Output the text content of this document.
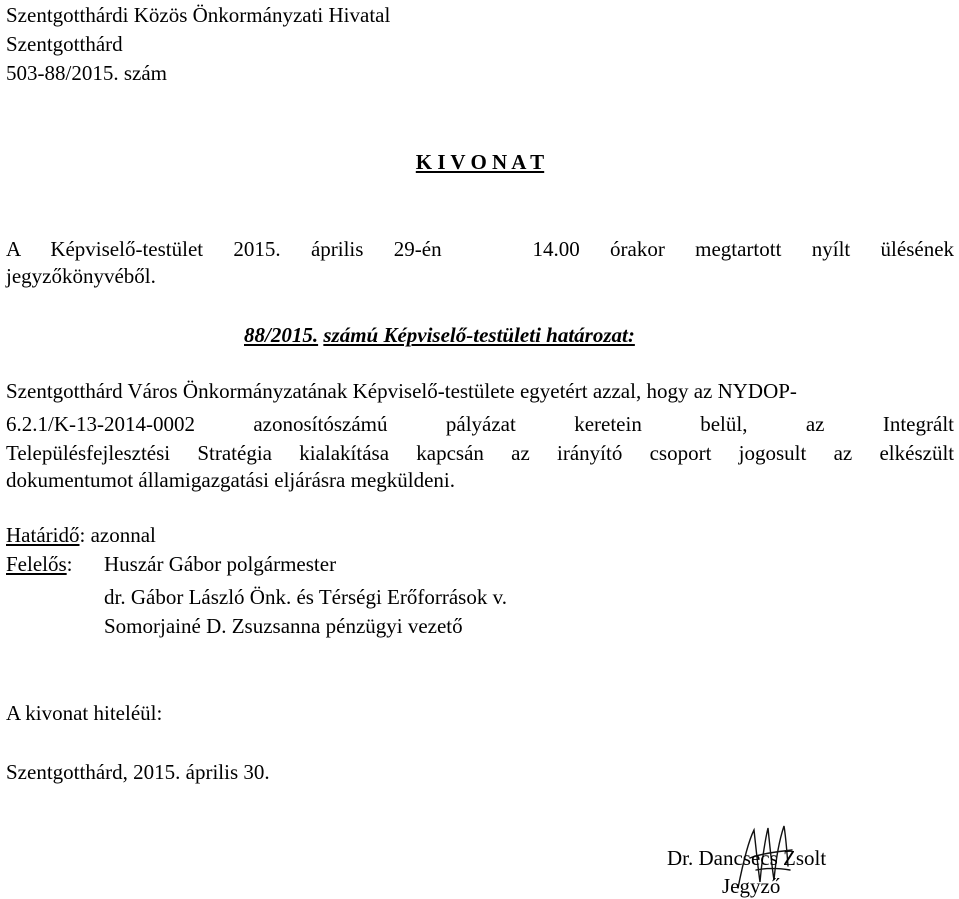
Szentgotthárdi Közös Önkormányzati Hivatal
Szentgotthárd
503-88/2015. szám
K I V O N A T
A Képviselő-testület 2015. április 29-én	14.00 órakor megtartott nyílt ülésének
jegyzőkönyvéből.
88/2015. számú Képviselő-testületi határozat:
Szentgotthárd Város Önkormányzatának Képviselő-testülete egyetért azzal, hogy az NYDOP-
6.2.1/K-13-2014-0002	azonosítószámú	pályázat	keretein	belül,	az	Integrált
Településfejlesztési Stratégia kialakítása kapcsán az irányító csoport jogosult az elkészült
dokumentumot államigazgatási eljárásra megküldeni.
Határidő: azonnal
Felelős: Huszár Gábor polgármester
dr. Gábor László Önk. és Térségi Erőforrások v.
Somorjainé D. Zsuzsanna pénzügyi vezető
A kivonat hiteléül:
Szentgotthárd, 2015. április 30.
Dr. Dancsecs Zsolt
Jegyző
